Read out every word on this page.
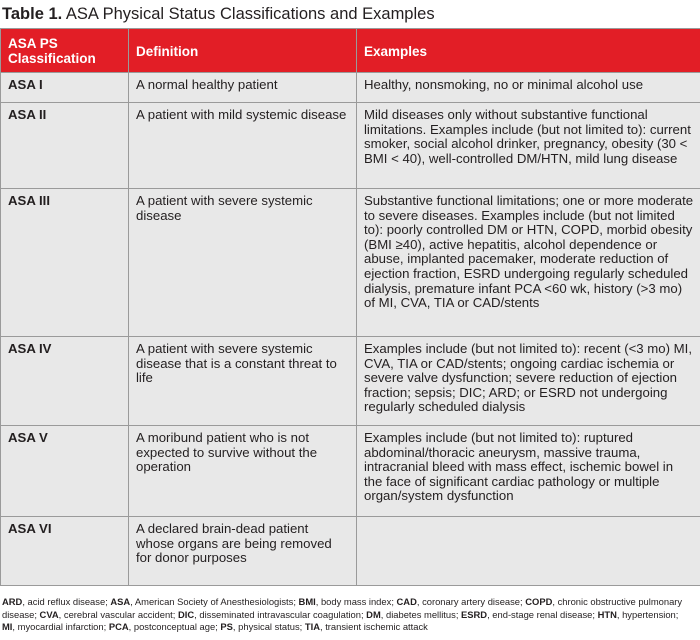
Table 1. ASA Physical Status Classifications and Examples
ASA PS Classification	Definition	Examples
ASA I	A normal healthy patient	Healthy, nonsmoking, no or minimal alcohol use
ASA II	A patient with mild systemic disease	Mild diseases only without substantive functional limitations. Examples include (but not limited to): current smoker, social alcohol drinker, pregnancy, obesity (30 < BMI < 40), well-controlled DM/HTN, mild lung disease
ASA III	A patient with severe systemic disease	Substantive functional limitations; one or more moderate to severe diseases. Examples include (but not limited to): poorly controlled DM or HTN, COPD, morbid obesity (BMI ≥40), active hepatitis, alcohol dependence or abuse, implanted pacemaker, moderate reduction of ejection fraction, ESRD undergoing regularly scheduled dialysis, premature infant PCA <60 wk, history (>3 mo) of MI, CVA, TIA or CAD/stents
ASA IV	A patient with severe systemic disease that is a constant threat to life	Examples include (but not limited to): recent (<3 mo) MI, CVA, TIA or CAD/stents; ongoing cardiac ischemia or severe valve dysfunction; severe reduction of ejection fraction; sepsis; DIC; ARD; or ESRD not undergoing regularly scheduled dialysis
ASA V	A moribund patient who is not expected to survive without the operation	Examples include (but not limited to): ruptured abdominal/thoracic aneurysm, massive trauma, intracranial bleed with mass effect, ischemic bowel in the face of significant cardiac pathology or multiple organ/system dysfunction
ASA VI	A declared brain-dead patient whose organs are being removed for donor purposes	
ARD, acid reflux disease; ASA, American Society of Anesthesiologists; BMI, body mass index; CAD, coronary artery disease; COPD, chronic obstructive pulmonary disease; CVA, cerebral vascular accident; DIC, disseminated intravascular coagulation; DM, diabetes mellitus; ESRD, end-stage renal disease; HTN, hypertension; MI, myocardial infarction; PCA, postconceptual age; PS, physical status; TIA, transient ischemic attack
